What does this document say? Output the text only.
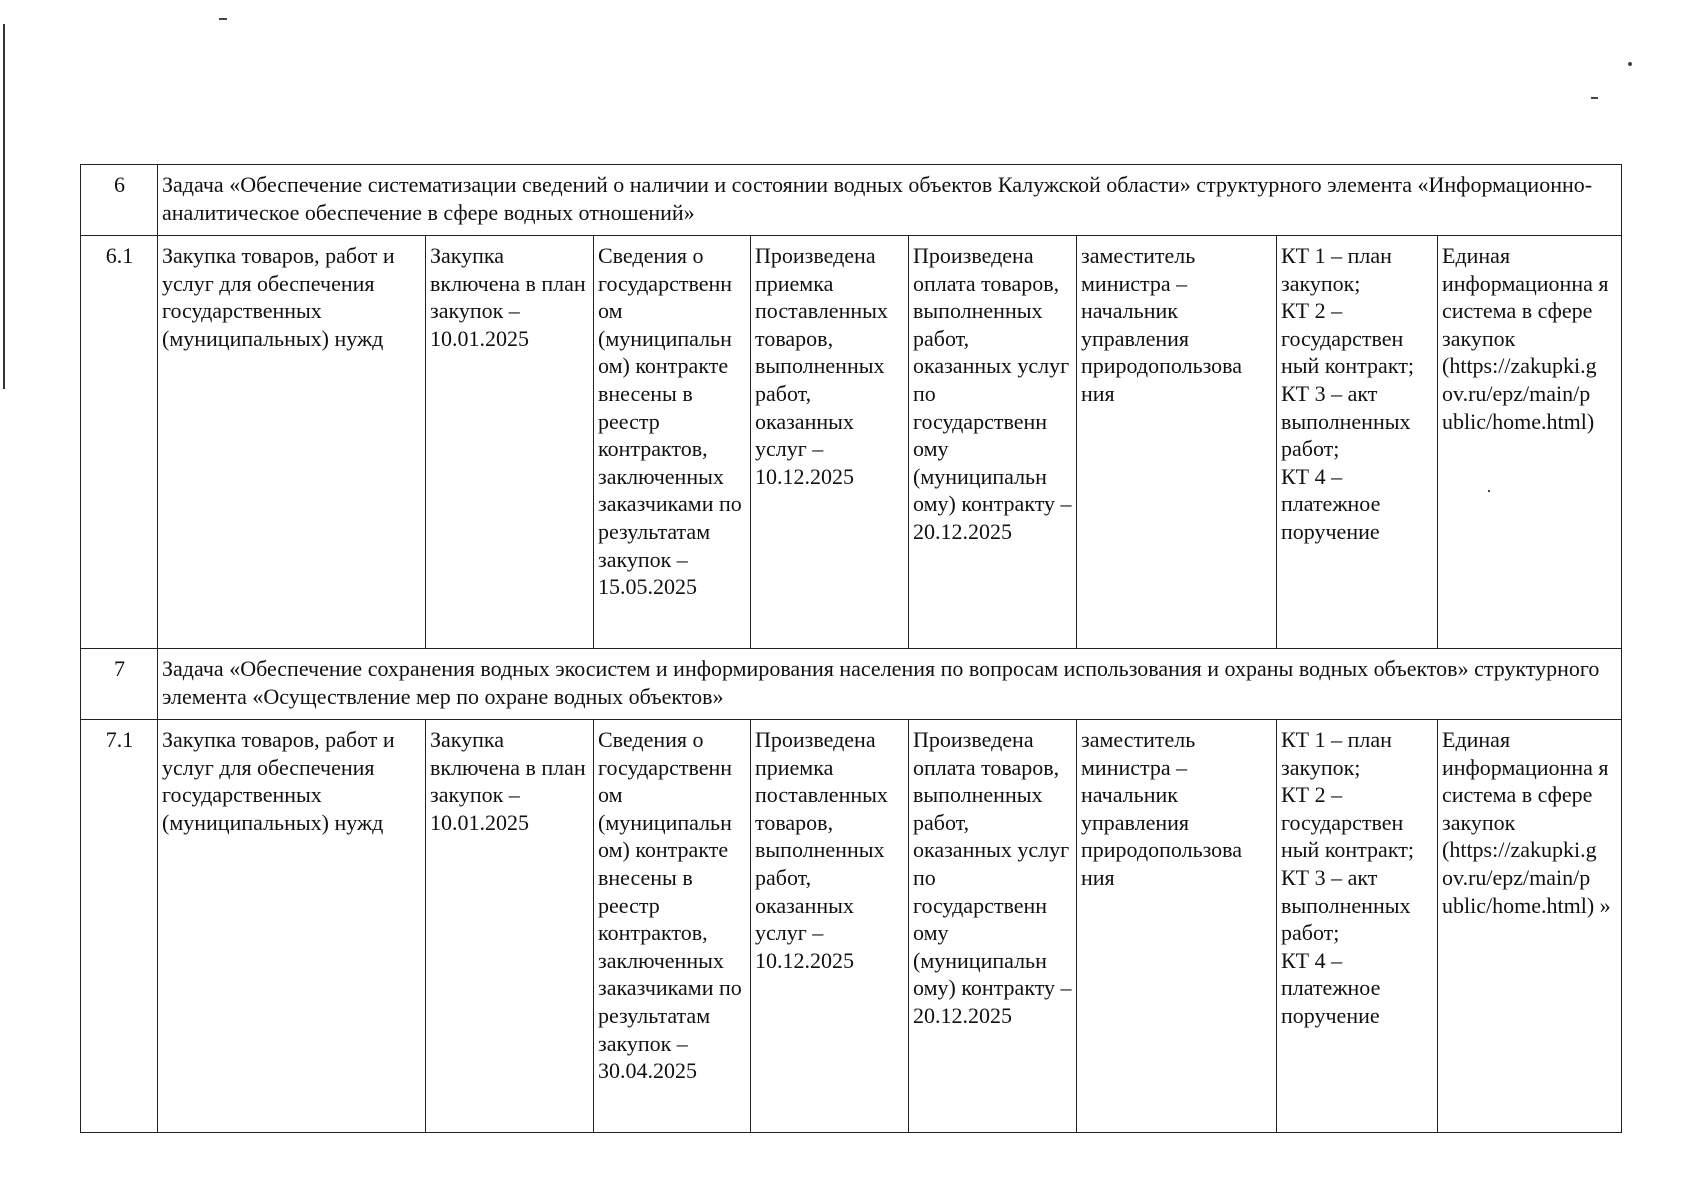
6	Задача «Обеспечение систематизации сведений о наличии и состоянии водных объектов Калужской области» структурного элемента «Информационно-аналитическое обеспечение в сфере водных отношений»							
6.1	Закупка товаров, работ и услуг для обеспечения государственных (муниципальных) нужд	Закупка включена в план закупок – 10.01.2025	Сведения о государственн ом (муниципальн ом) контракте внесены в реестр контрактов, заключенных заказчиками по результатам закупок – 15.05.2025	Произведена приемка поставленных товаров, выполненных работ, оказанных услуг – 10.12.2025	Произведена оплата товаров, выполненных работ, оказанных услуг по государственн ому (муниципальн ому) контракту – 20.12.2025	заместитель министра – начальник управления природопользова ния	КТ 1 – план закупок;
КТ 2 – государствен ный контракт;
КТ 3 – акт выполненных работ;
КТ 4 – платежное поручение	Единая информационна я система в сфере закупок (https://zakupki.g ov.ru/epz/main/p ublic/home.html)
7	Задача «Обеспечение сохранения водных экосистем и информирования населения по вопросам использования и охраны водных объектов» структурного элемента «Осуществление мер по охране водных объектов»							
7.1	Закупка товаров, работ и услуг для обеспечения государственных (муниципальных) нужд	Закупка включена в план закупок – 10.01.2025	Сведения о государственн ом (муниципальн ом) контракте внесены в реестр контрактов, заключенных заказчиками по результатам закупок – 30.04.2025	Произведена приемка поставленных товаров, выполненных работ, оказанных услуг – 10.12.2025	Произведена оплата товаров, выполненных работ, оказанных услуг по государственн ому (муниципальн ому) контракту – 20.12.2025	заместитель министра – начальник управления природопользова ния	КТ 1 – план закупок;
КТ 2 – государствен ный контракт;
КТ 3 – акт выполненных работ;
КТ 4 – платежное поручение	Единая информационна я система в сфере закупок (https://zakupki.g ov.ru/epz/main/p ublic/home.html) »
